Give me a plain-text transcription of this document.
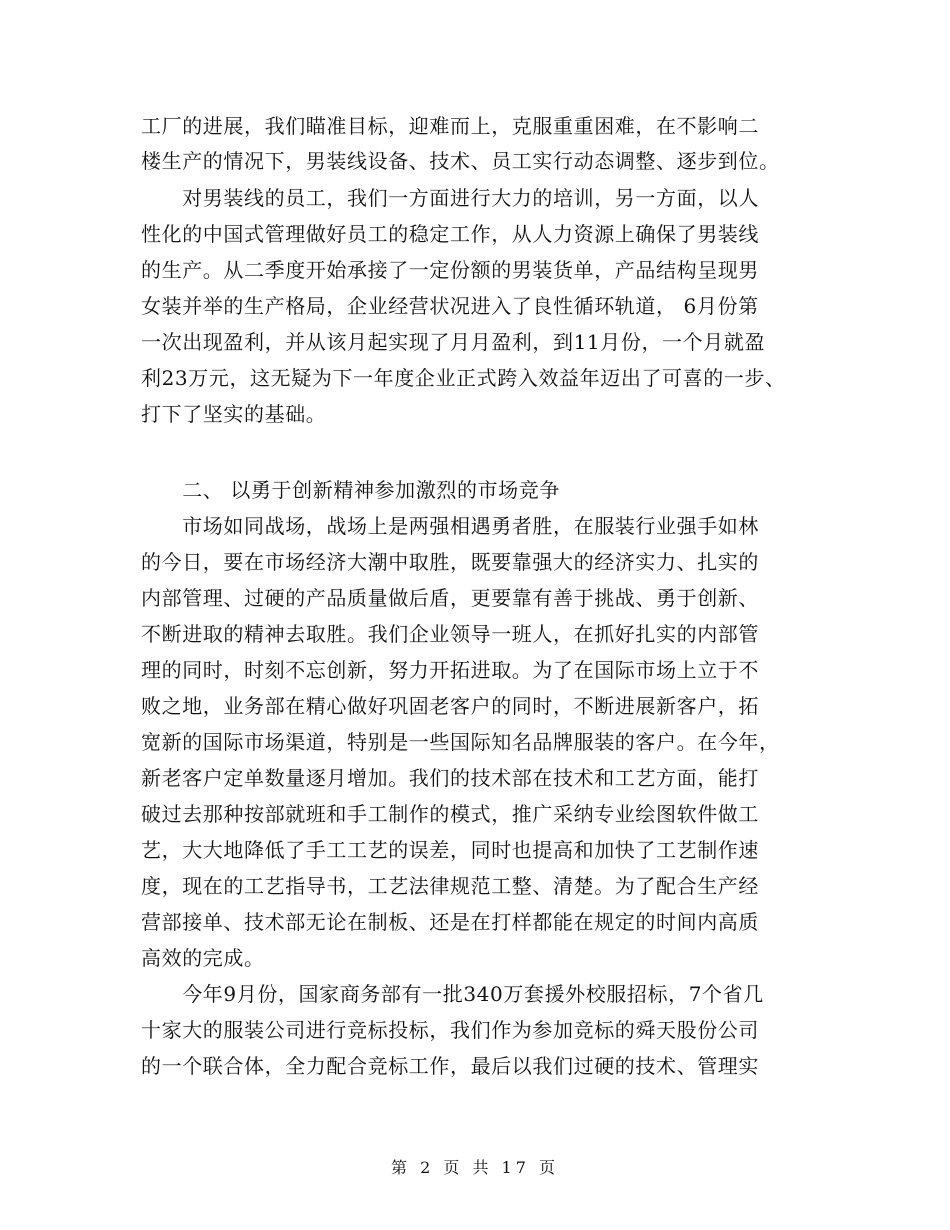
工厂的进展，我们瞄准目标，迎难而上，克服重重困难，在不影响二
楼生产的情况下，男装线设备、技术、员工实行动态调整、逐步到位。
　　对男装线的员工，我们一方面进行大力的培训，另一方面，以人
性化的中国式管理做好员工的稳定工作，从人力资源上确保了男装线
的生产。从二季度开始承接了一定份额的男装货单，产品结构呈现男
女装并举的生产格局，企业经营状况进入了良性循环轨道， 6月份第
一次出现盈利，并从该月起实现了月月盈利，到11月份，一个月就盈
利23万元，这无疑为下一年度企业正式跨入效益年迈出了可喜的一步、
打下了坚实的基础。
　　二、 以勇于创新精神参加激烈的市场竞争
　　市场如同战场，战场上是两强相遇勇者胜，在服装行业强手如林
的今日，要在市场经济大潮中取胜，既要靠强大的经济实力、扎实的
内部管理、过硬的产品质量做后盾，更要靠有善于挑战、勇于创新、
不断进取的精神去取胜。我们企业领导一班人，在抓好扎实的内部管
理的同时，时刻不忘创新，努力开拓进取。为了在国际市场上立于不
败之地，业务部在精心做好巩固老客户的同时，不断进展新客户，拓
宽新的国际市场渠道，特别是一些国际知名品牌服装的客户。在今年，
新老客户定单数量逐月增加。我们的技术部在技术和工艺方面，能打
破过去那种按部就班和手工制作的模式，推广采纳专业绘图软件做工
艺，大大地降低了手工工艺的误差，同时也提高和加快了工艺制作速
度，现在的工艺指导书，工艺法律规范工整、清楚。为了配合生产经
营部接单、技术部无论在制板、还是在打样都能在规定的时间内高质
高效的完成。
　　今年9月份，国家商务部有一批340万套援外校服招标，7个省几
十家大的服装公司进行竞标投标，我们作为参加竞标的舜天股份公司
的一个联合体，全力配合竞标工作，最后以我们过硬的技术、管理实
第 2 页 共 17 页
